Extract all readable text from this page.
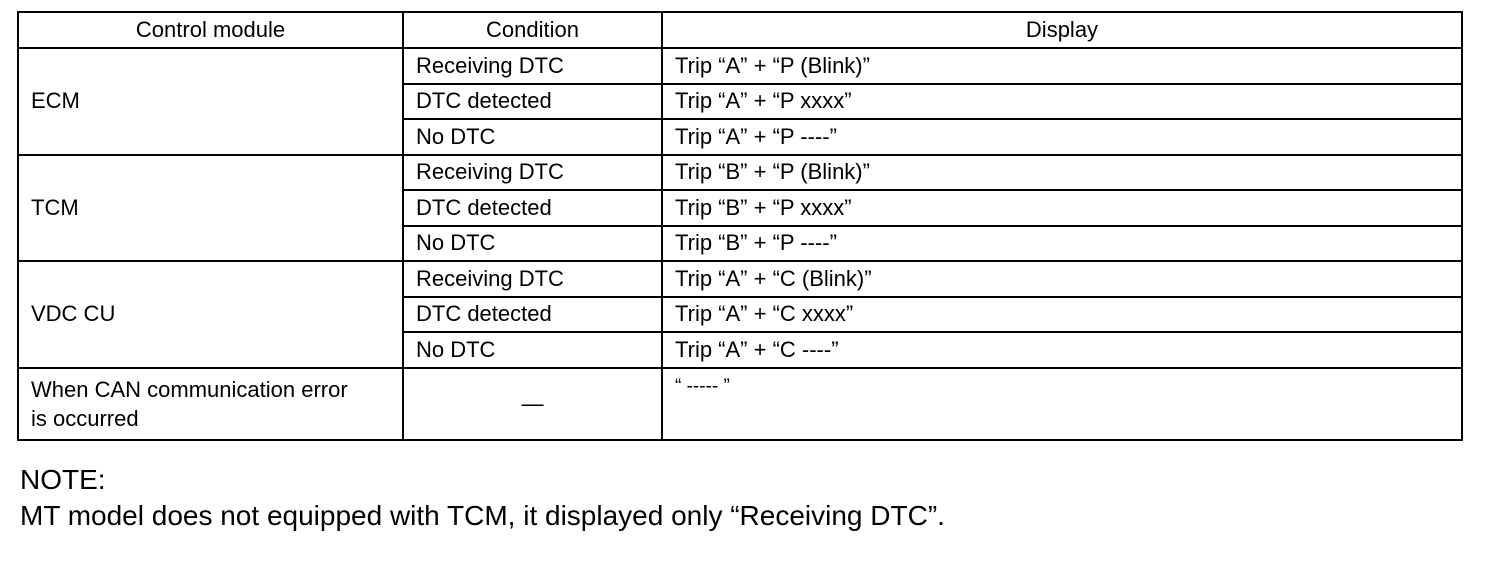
Control module	Condition	Display
ECM	Receiving DTC	Trip “A” + “P (Blink)”
	DTC detected	Trip “A” + “P xxxx”
	No DTC	Trip “A” + “P ----”
TCM	Receiving DTC	Trip “B” + “P (Blink)”
	DTC detected	Trip “B” + “P xxxx”
	No DTC	Trip “B” + “P ----”
VDC CU	Receiving DTC	Trip “A” + “C (Blink)”
	DTC detected	Trip “A” + “C xxxx”
	No DTC	Trip “A” + “C ----”

When CAN communication error
is occurred	—	“ ----- ”
NOTE:
MT model does not equipped with TCM, it displayed only “Receiving DTC”.
